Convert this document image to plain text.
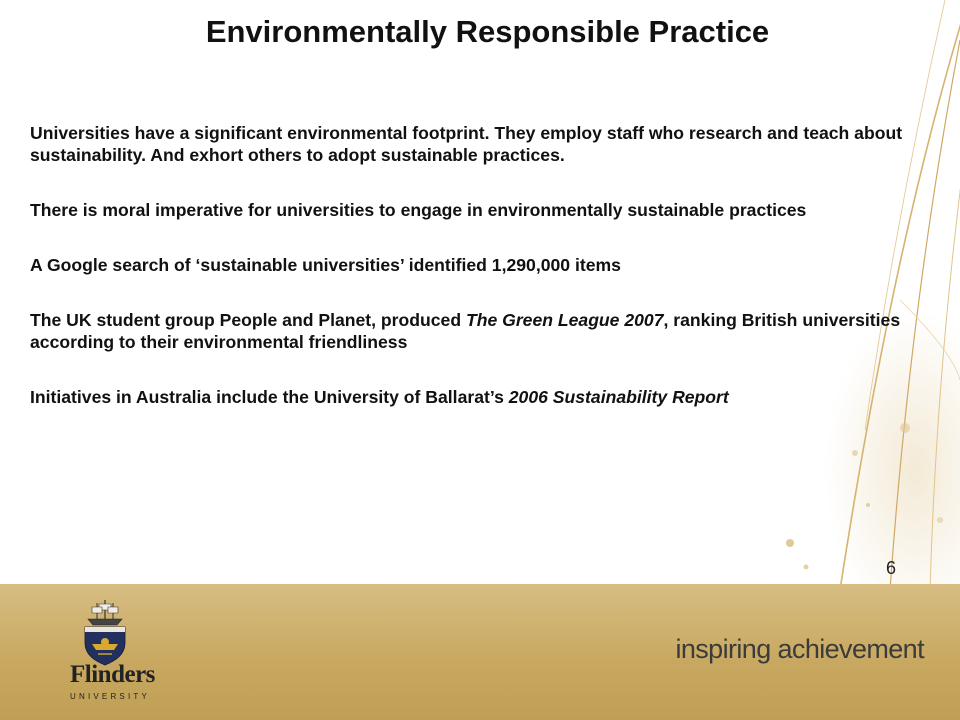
Environmentally Responsible Practice

Universities have a significant environmental footprint. They employ staff who research and teach about sustainability. And exhort others to adopt sustainable practices.

There is moral imperative for universities to engage in environmentally sustainable practices

A Google search of ‘sustainable universities’ identified 1,290,000 items

The UK student group People and Planet, produced The Green League 2007, ranking British universities according to their environmental friendliness

Initiatives in Australia include the University of Ballarat’s 2006 Sustainability Report

6
Flinders
UNIVERSITY
inspiring achievement
